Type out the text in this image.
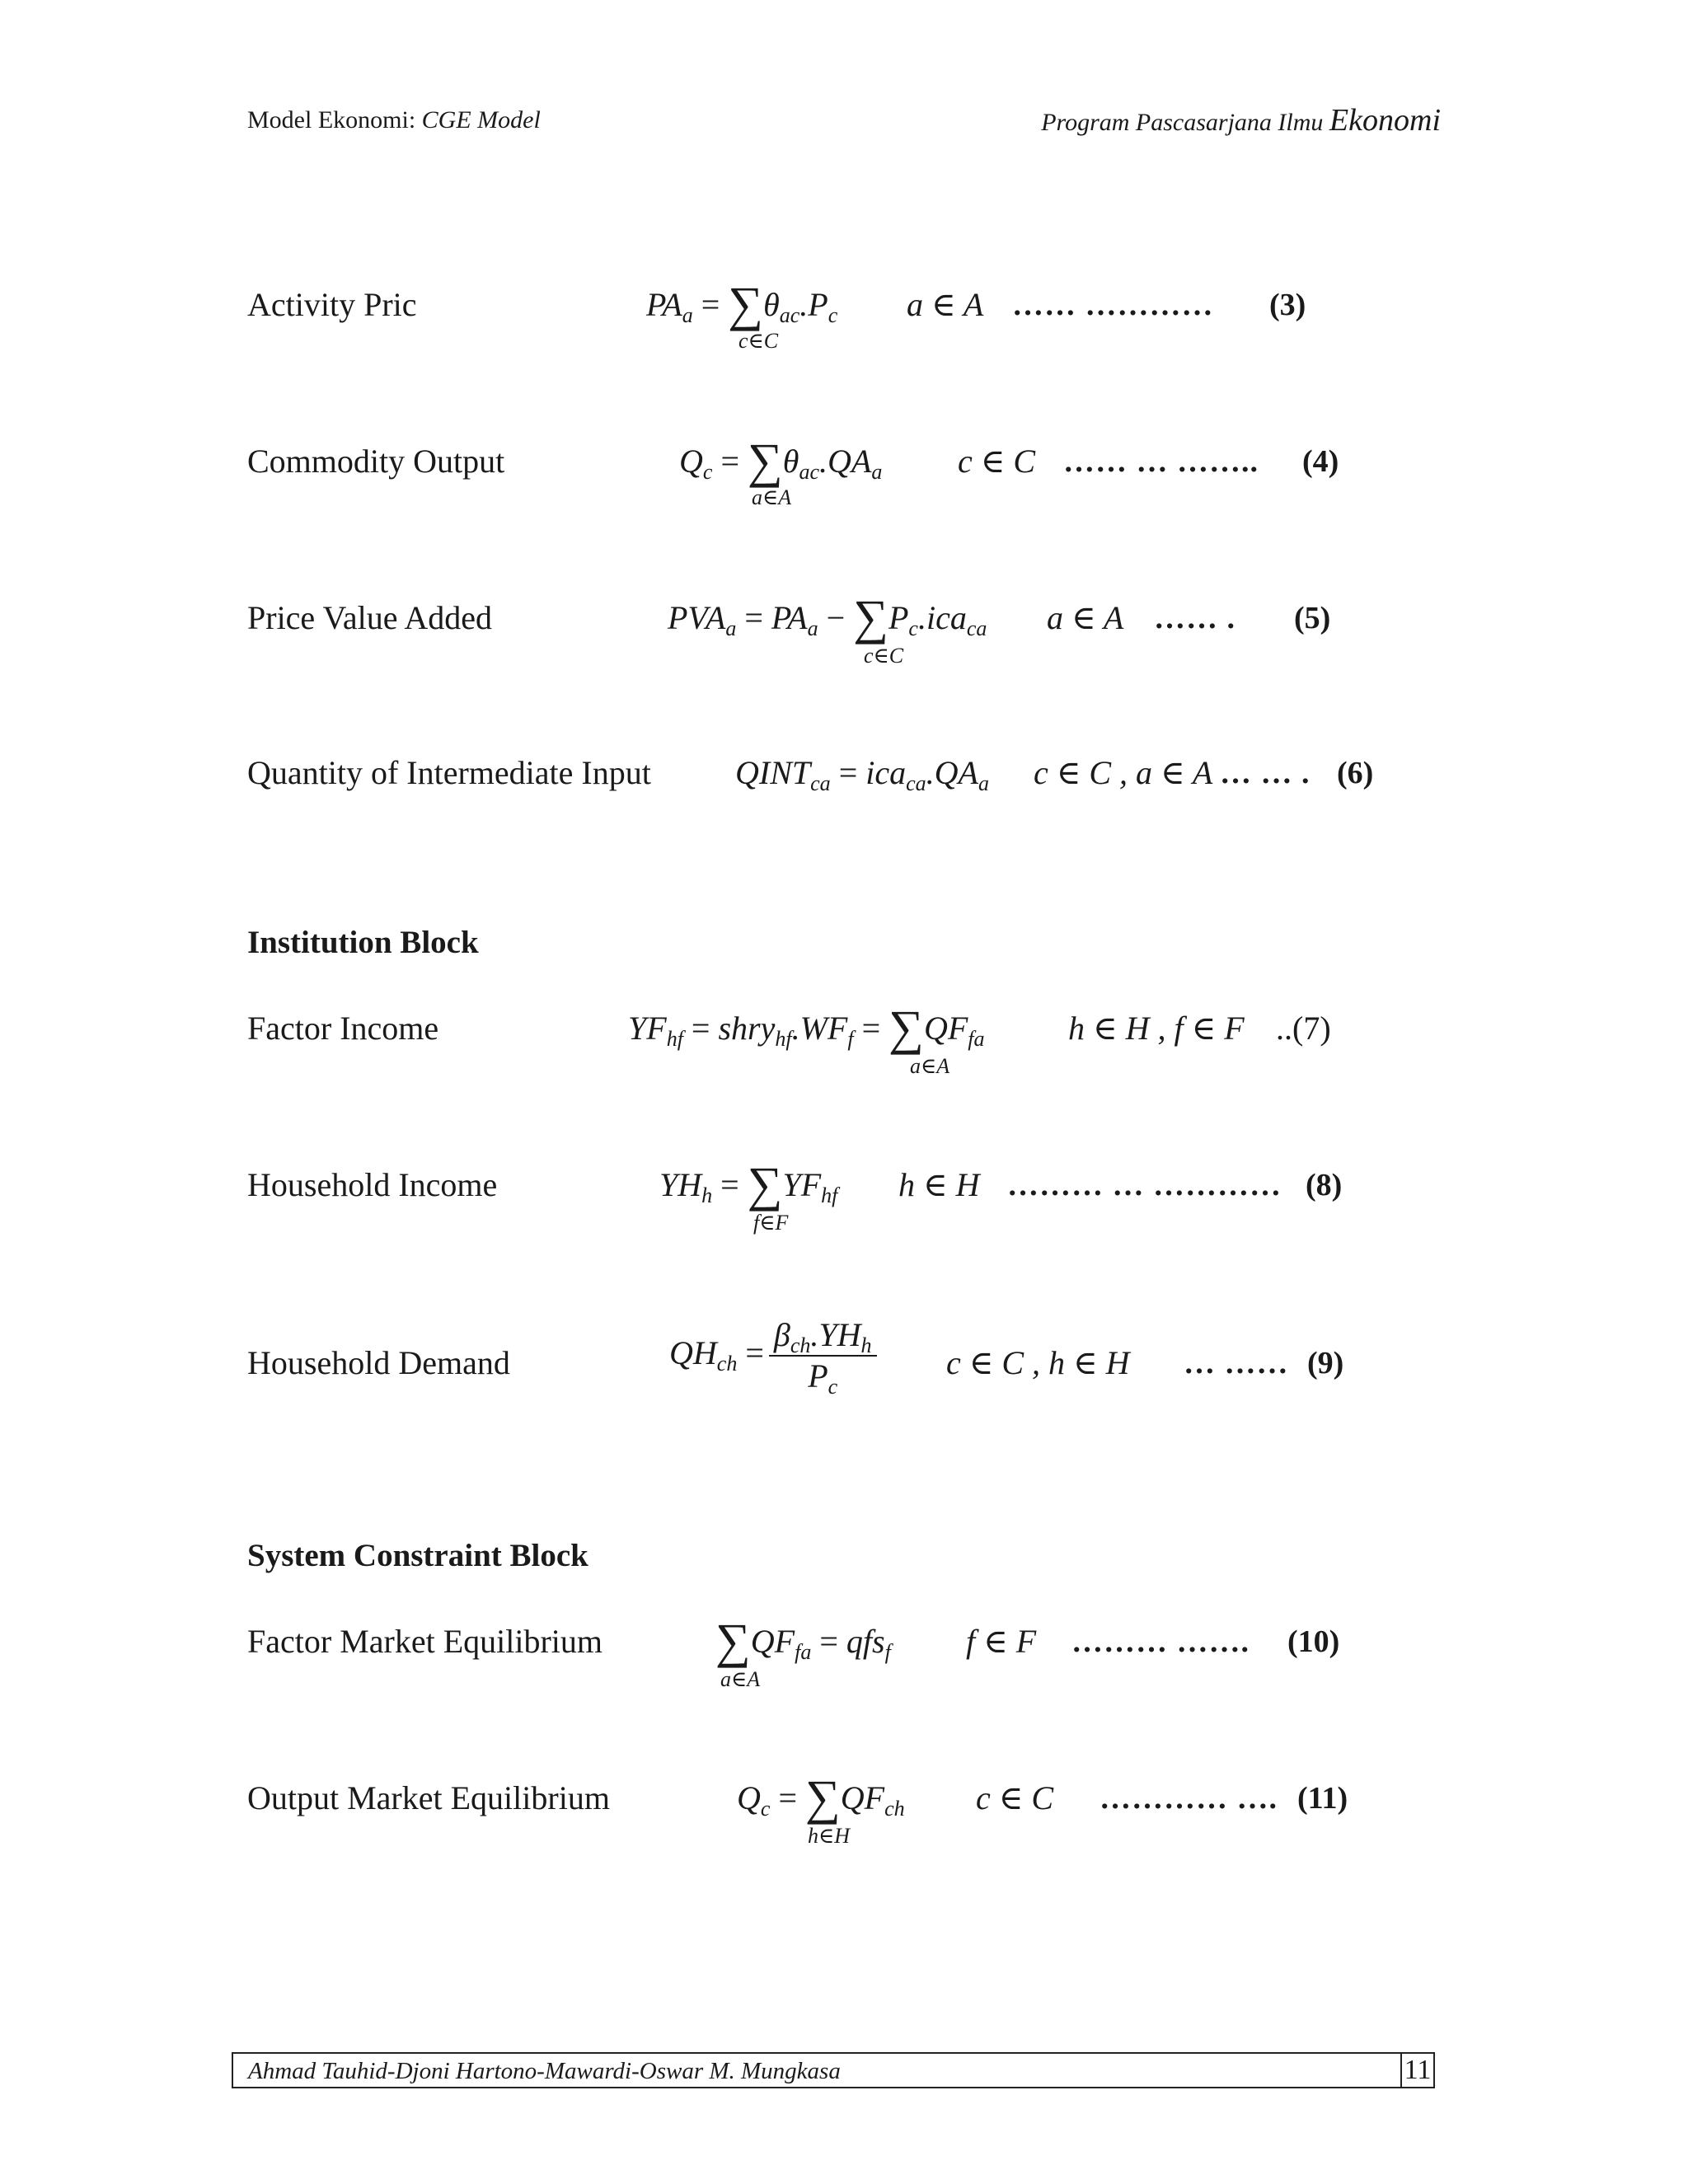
Model Ekonomi: CGE Model	Program Pascasarjana Ilmu Ekonomi
Activity Pric	$PA_a = \sum\theta_{ac}.P_c$
c∈C
a ∈ A …… ………… (3)
Commodity Output	$Q_c = \sum\theta_{ac}.QA_a$
a∈A
c ∈ C …… … …….. (4)
Price Value Added	$PVA_a = PA_a - \sum P_c.ica_{ca}$
c∈C
a ∈ A …… . (5)
Quantity of Intermediate Input	$QINT_{ca} = ica_{ca}.QA_a$ c ∈ C , a ∈ A … … . (6)
Institution Block
Factor Income	$YF_{hf}$ = $shry_{hf}.WF_f = \sum QF_{fa}$
a∈A
h ∈ H , f ∈ F ..(7)
Household Income	$YH_h = \sum YF_{hf}$
f∈F
h ∈ H ……… … ………… (8)
Household Demand	$QH_{ch} = \frac{\beta_{ch}.YH_h}{P_c}$ c ∈ C , h ∈ H … …… (9)
System Constraint Block
Factor Market Equilibrium $\sum QF_{fa} = qfs_f$
a∈A
f ∈ F ……… ……. (10)
Output Market Equilibrium	$Q_c = \sum QF_{ch}$
h∈H
c ∈ C ………… …. (11)
Ahmad Tauhid-Djoni Hartono-Mawardi-Oswar M. Mungkasa	11
